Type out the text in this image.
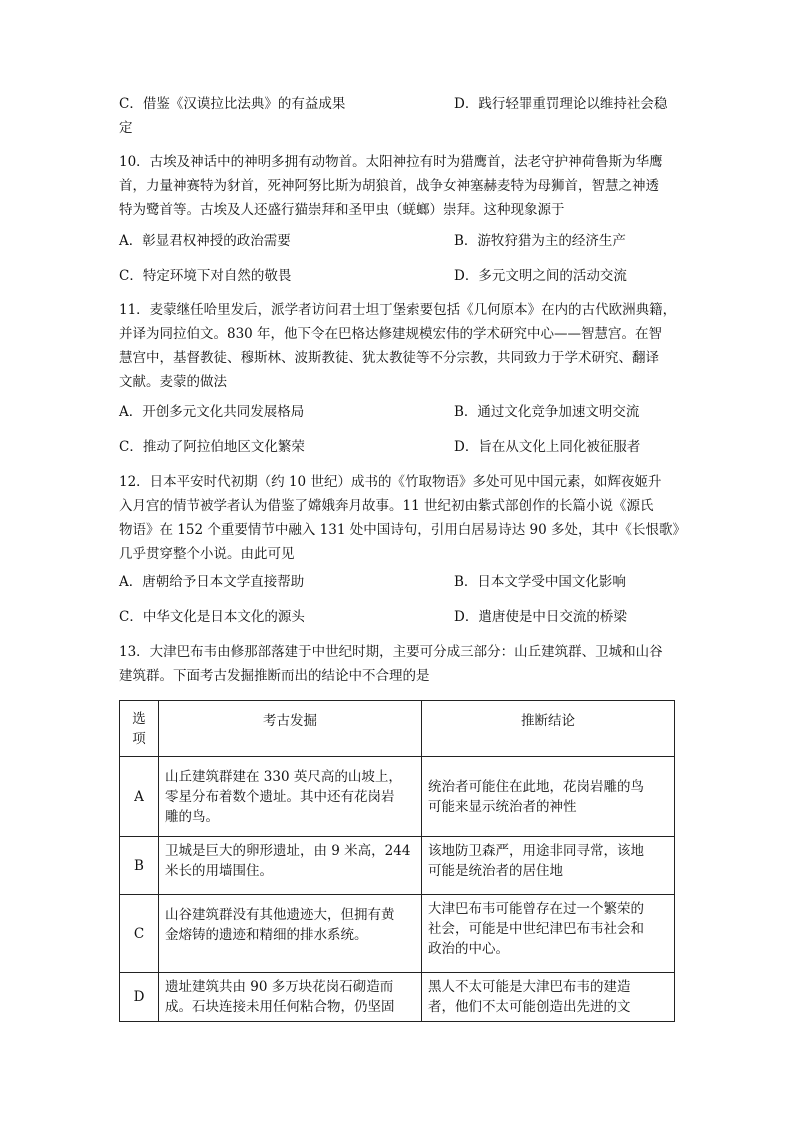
C．借鉴《汉谟拉比法典》的有益成果	D．践行轻罪重罚理论以维持社会稳
定
10．古埃及神话中的神明多拥有动物首。太阳神拉有时为猎鹰首，法老守护神荷鲁斯为华鹰
首，力量神赛特为豺首，死神阿努比斯为胡狼首，战争女神塞赫麦特为母狮首，智慧之神透
特为鹭首等。古埃及人还盛行猫崇拜和圣甲虫（蜣螂）崇拜。这种现象源于
A．彰显君权神授的政治需要	B．游牧狩猎为主的经济生产
C．特定环境下对自然的敬畏	D．多元文明之间的活动交流
11．麦蒙继任哈里发后，派学者访问君士坦丁堡索要包括《几何原本》在内的古代欧洲典籍，
并译为同拉伯文。830 年，他下令在巴格达修建规模宏伟的学术研究中心——智慧宫。在智
慧宫中，基督教徒、穆斯林、波斯教徒、犹太教徒等不分宗教，共同致力于学术研究、翻译
文献。麦蒙的做法
A．开创多元文化共同发展格局	B．通过文化竞争加速文明交流
C．推动了阿拉伯地区文化繁荣	D．旨在从文化上同化被征服者
12．日本平安时代初期（约 10 世纪）成书的《竹取物语》多处可见中国元素，如辉夜姬升
入月宫的情节被学者认为借鉴了嫦娥奔月故事。11 世纪初由紫式部创作的长篇小说《源氏
物语》在 152 个重要情节中融入 131 处中国诗句，引用白居易诗达 90 多处，其中《长恨歌》
几乎贯穿整个小说。由此可见
A．唐朝给予日本文学直接帮助	B．日本文学受中国文化影响
C．中华文化是日本文化的源头	D．遣唐使是中日交流的桥梁
13．大津巴布韦由修那部落建于中世纪时期，主要可分成三部分：山丘建筑群、卫城和山谷
建筑群。下面考古发掘推断而出的结论中不合理的是
选
项	考古发掘	推断结论
A	山丘建筑群建在 330 英尺高的山坡上，
零星分布着数个遗址。其中还有花岗岩
雕的鸟。	统治者可能住在此地，花岗岩雕的鸟
可能来显示统治者的神性

B	卫城是巨大的卵形遗址，由 9 米高，244
米长的用墙围住。	该地防卫森严，用途非同寻常，该地
可能是统治者的居住地

C	山谷建筑群没有其他遗迹大，但拥有黄
金熔铸的遗迹和精细的排水系统。	大津巴布韦可能曾存在过一个繁荣的
社会，可能是中世纪津巴布韦社会和
政治的中心。

D	遗址建筑共由 90 多万块花岗石砌造而
成。石块连接未用任何粘合物，仍坚固	黑人不太可能是大津巴布韦的建造
者，他们不太可能创造出先进的文
